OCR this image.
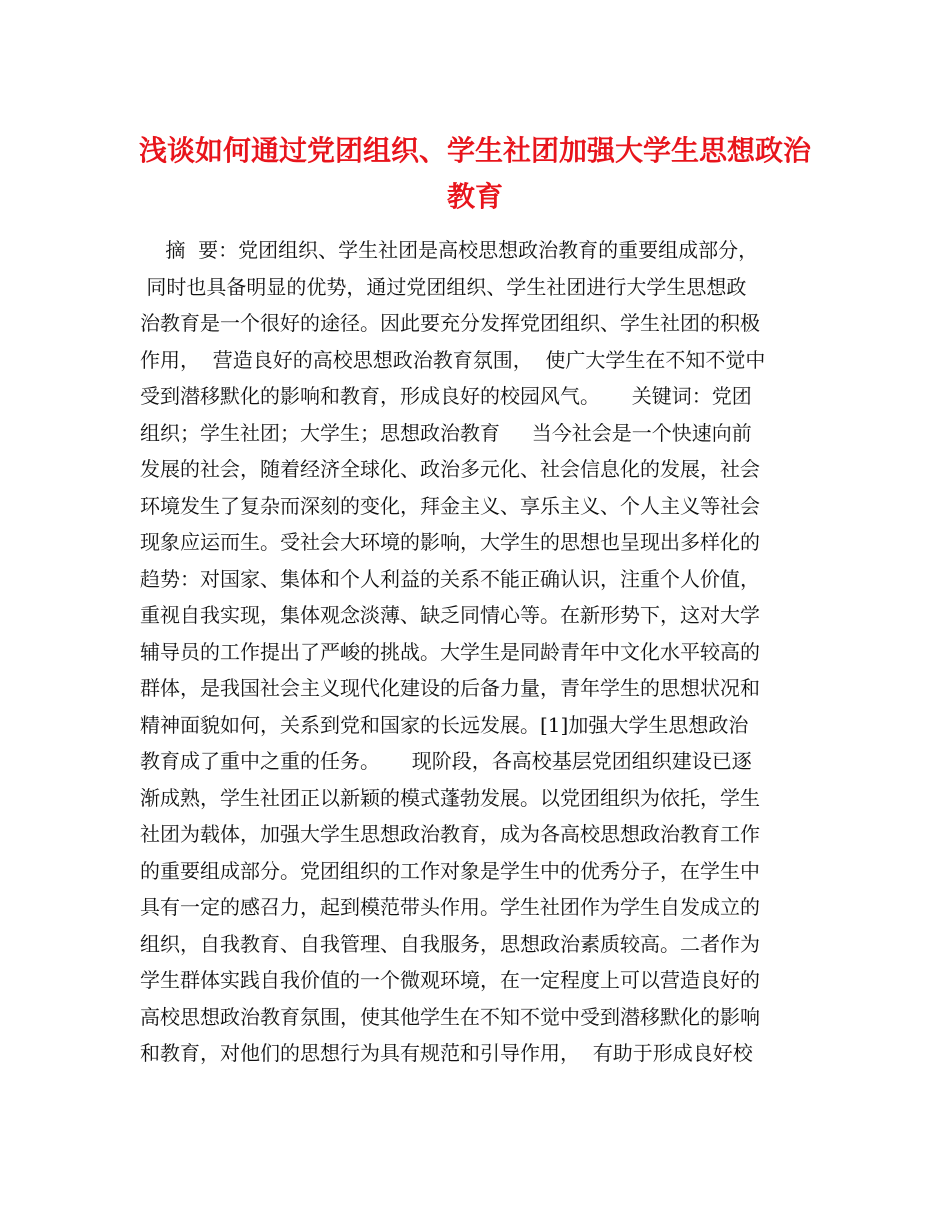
浅谈如何通过党团组织、学生社团加强大学生思想政治
教育
摘  要：党团组织、学生社团是高校思想政治教育的重要组成部分，
同时也具备明显的优势，通过党团组织、学生社团进行大学生思想政
治教育是一个很好的途径。因此要充分发挥党团组织、学生社团的积极
作用，  营造良好的高校思想政治教育氛围，  使广大学生在不知不觉中
受到潜移默化的影响和教育，形成良好的校园风气。     关键词：党团
组织；学生社团；大学生；思想政治教育     当今社会是一个快速向前
发展的社会，随着经济全球化、政治多元化、社会信息化的发展，社会
环境发生了复杂而深刻的变化，拜金主义、享乐主义、个人主义等社会
现象应运而生。受社会大环境的影响，大学生的思想也呈现出多样化的
趋势：对国家、集体和个人利益的关系不能正确认识，注重个人价值，
重视自我实现，集体观念淡薄、缺乏同情心等。在新形势下，这对大学
辅导员的工作提出了严峻的挑战。大学生是同龄青年中文化水平较高的
群体，是我国社会主义现代化建设的后备力量，青年学生的思想状况和
精神面貌如何，关系到党和国家的长远发展。[1]加强大学生思想政治
教育成了重中之重的任务。     现阶段，各高校基层党团组织建设已逐
渐成熟，学生社团正以新颖的模式蓬勃发展。以党团组织为依托，学生
社团为载体，加强大学生思想政治教育，成为各高校思想政治教育工作
的重要组成部分。党团组织的工作对象是学生中的优秀分子，在学生中
具有一定的感召力，起到模范带头作用。学生社团作为学生自发成立的
组织，自我教育、自我管理、自我服务，思想政治素质较高。二者作为
学生群体实践自我价值的一个微观环境，在一定程度上可以营造良好的
高校思想政治教育氛围，使其他学生在不知不觉中受到潜移默化的影响
和教育，对他们的思想行为具有规范和引导作用，  有助于形成良好校
